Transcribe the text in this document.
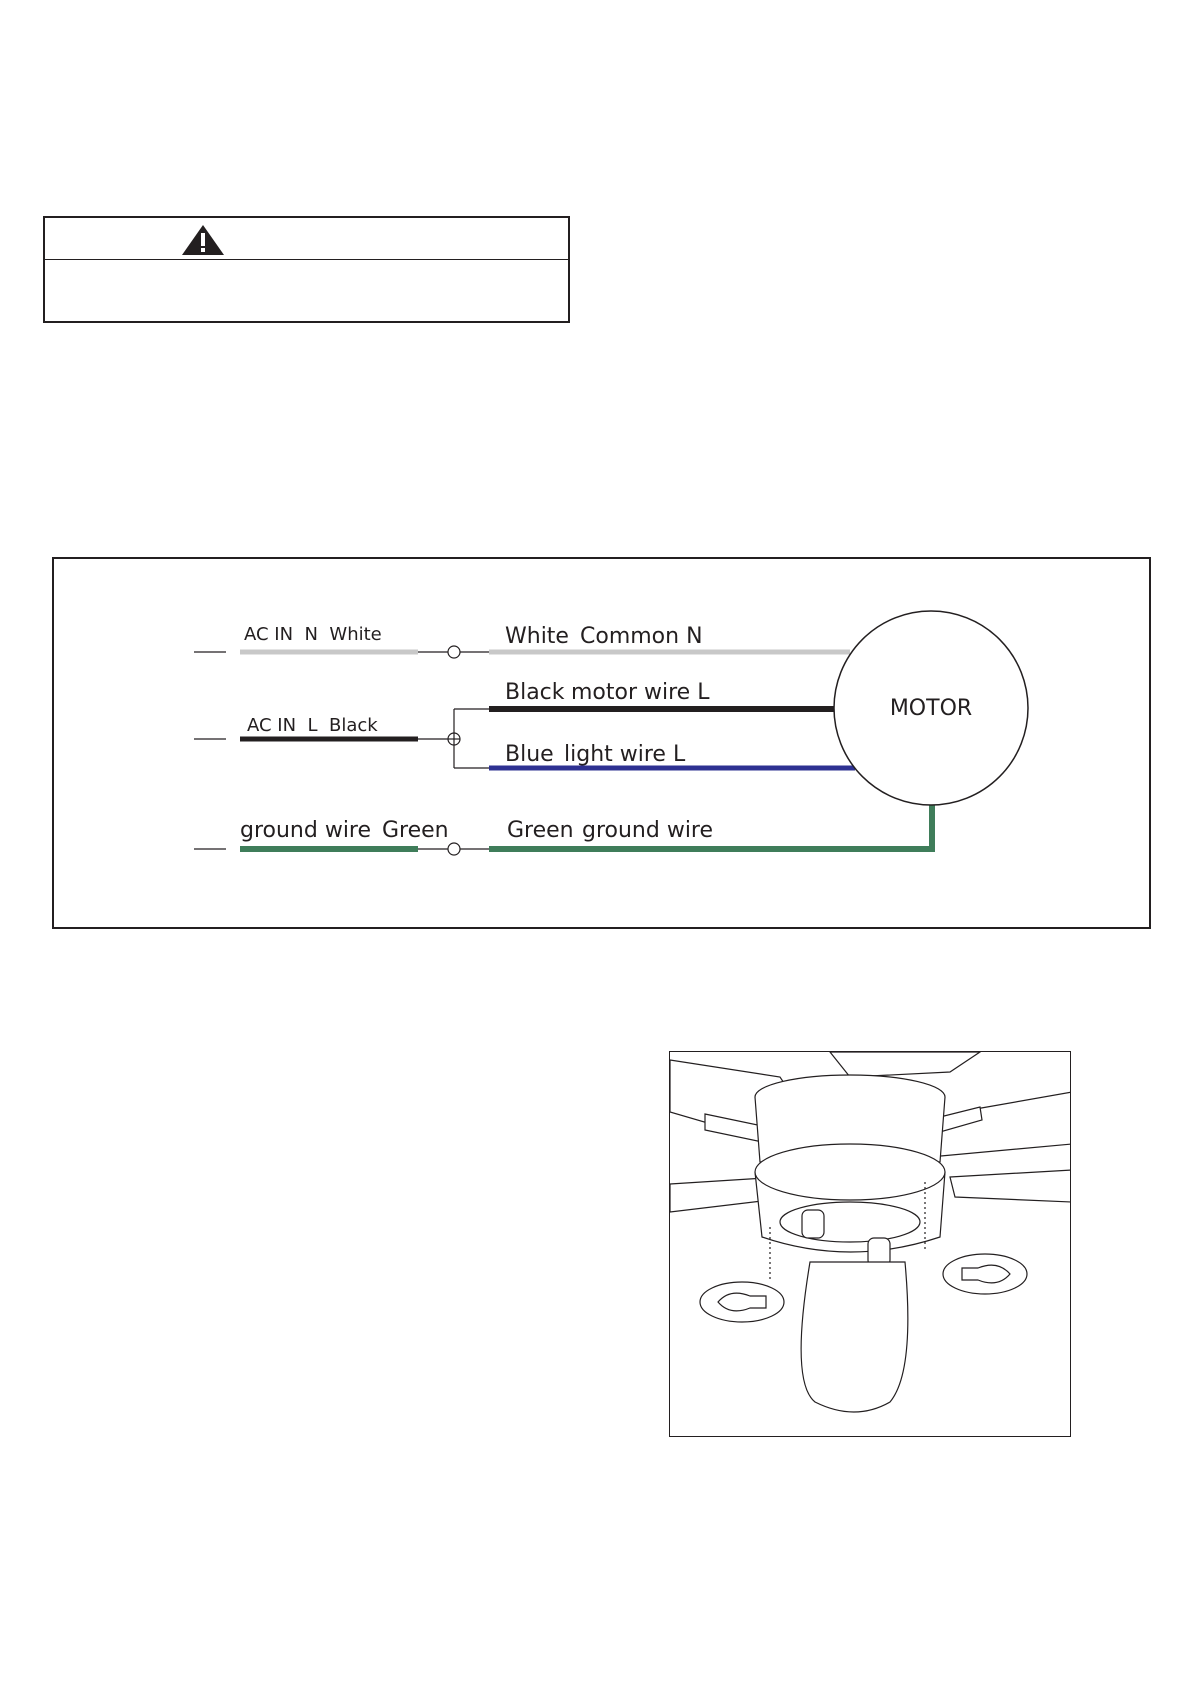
MOTOR
AC IN  N  White
AC IN  L  Black
ground wire Green
White Common N
Black motor wire L
Blue light wire L
Green ground wire
